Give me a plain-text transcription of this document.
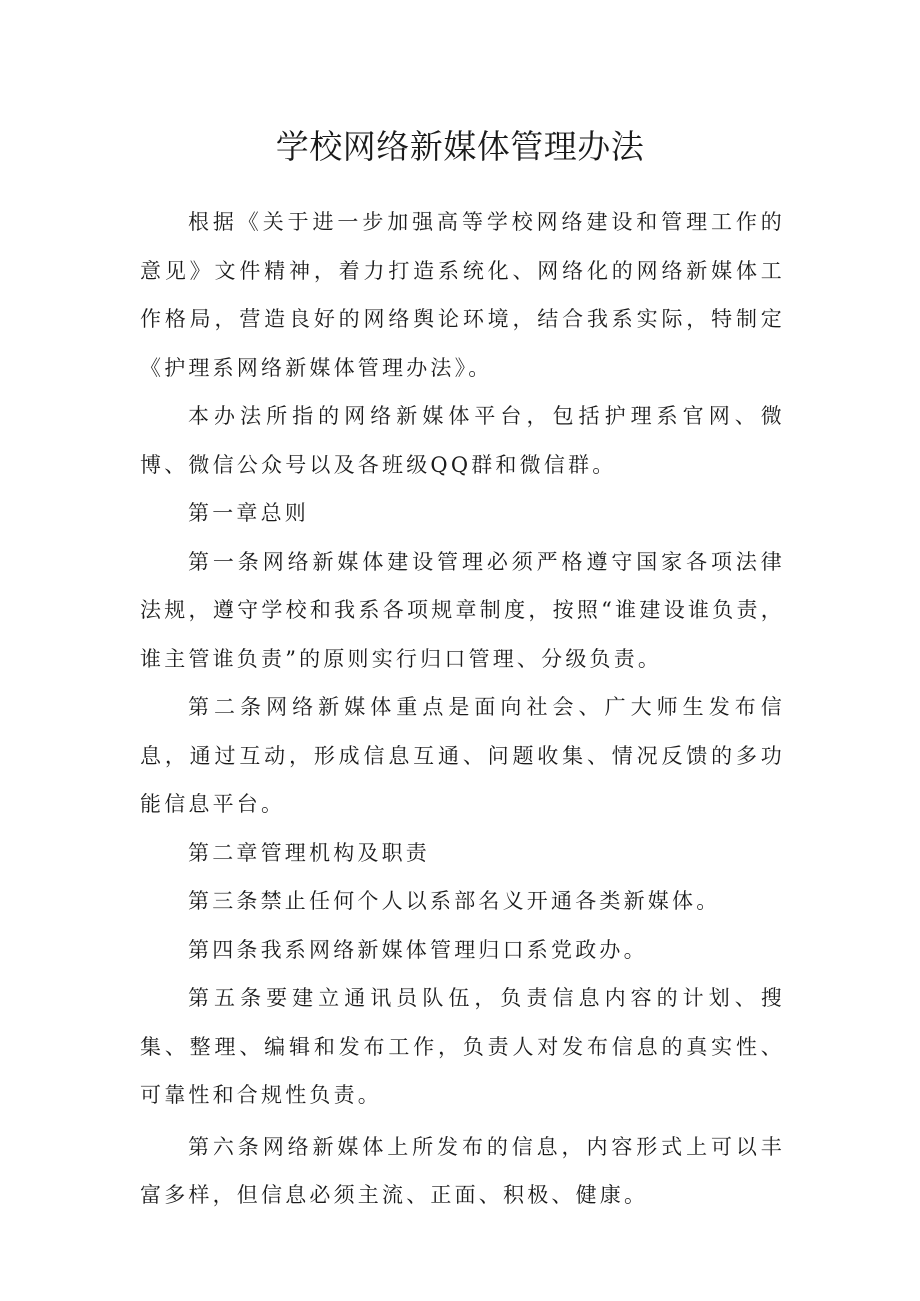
学校网络新媒体管理办法

根据《关于进一步加强高等学校网络建设和管理工作的意见》文件精神，着力打造系统化、网络化的网络新媒体工作格局，营造良好的网络舆论环境，结合我系实际，特制定《护理系网络新媒体管理办法》。

本办法所指的网络新媒体平台，包括护理系官网、微博、微信公众号以及各班级QQ群和微信群。

第一章总则

第一条网络新媒体建设管理必须严格遵守国家各项法律法规，遵守学校和我系各项规章制度，按照“谁建设谁负责，谁主管谁负责”的原则实行归口管理、分级负责。

第二条网络新媒体重点是面向社会、广大师生发布信息，通过互动，形成信息互通、问题收集、情况反馈的多功能信息平台。

第二章管理机构及职责

第三条禁止任何个人以系部名义开通各类新媒体。

第四条我系网络新媒体管理归口系党政办。

第五条要建立通讯员队伍，负责信息内容的计划、搜集、整理、编辑和发布工作，负责人对发布信息的真实性、可靠性和合规性负责。

第六条网络新媒体上所发布的信息，内容形式上可以丰富多样，但信息必须主流、正面、积极、健康。
